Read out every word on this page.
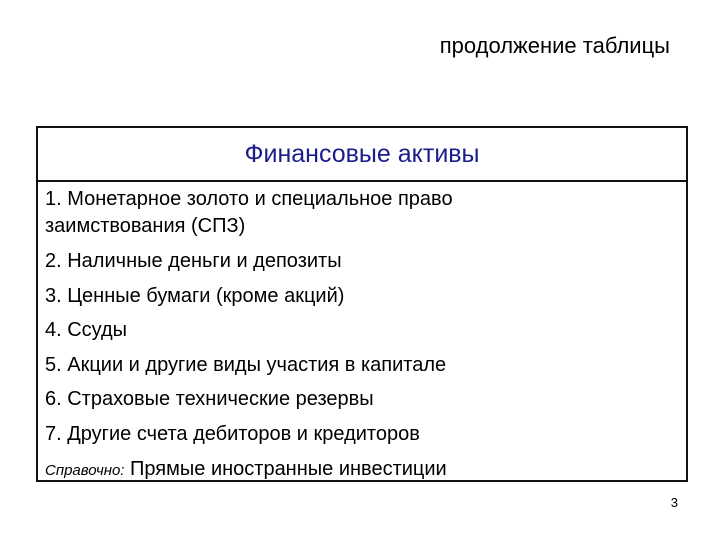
продолжение таблицы
Финансовые активы
1. Монетарное золото и специальное право заимствования (СПЗ)
2. Наличные деньги и депозиты
3. Ценные бумаги (кроме акций)
4. Ссуды
5. Акции и другие виды участия в капитале
6. Страховые технические резервы
7. Другие счета дебиторов и кредиторов
Справочно: Прямые иностранные инвестиции
3
